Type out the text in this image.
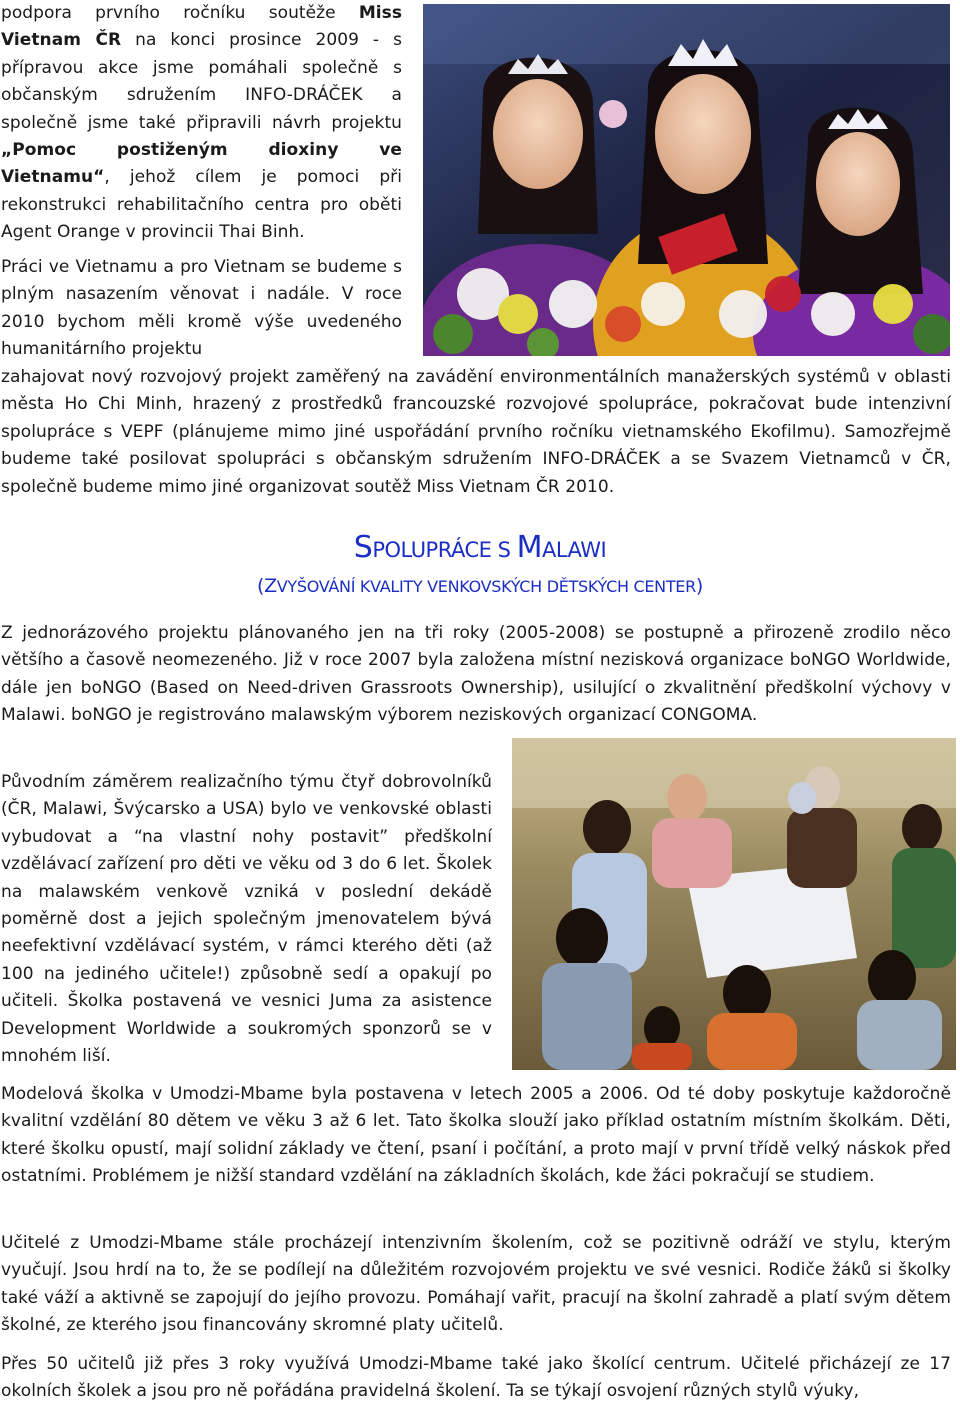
podpora prvního ročníku soutěže Miss Vietnam ČR na konci prosince 2009 - s přípravou akce jsme pomáhali společně s občanským sdružením INFO-DRÁČEK a společně jsme také připravili návrh projektu „Pomoc postiženým dioxiny ve Vietnamu“, jehož cílem je pomoci při rekonstrukci rehabilitačního centra pro oběti Agent Orange v provincii Thai Binh.

Práci ve Vietnamu a pro Vietnam se budeme s plným nasazením věnovat i nadále. V roce 2010 bychom měli kromě výše uvedeného humanitárního projektu

zahajovat nový rozvojový projekt zaměřený na zavádění environmentálních manažerských systémů v oblasti města Ho Chi Minh, hrazený z prostředků francouzské rozvojové spolupráce, pokračovat bude intenzivní spolupráce s VEPF (plánujeme mimo jiné uspořádání prvního ročníku vietnamského Ekofilmu). Samozřejmě budeme také posilovat spolupráci s občanským sdružením INFO-DRÁČEK a se Svazem Vietnamců v ČR, společně budeme mimo jiné organizovat soutěž Miss Vietnam ČR 2010.

SPOLUPRÁCE S MALAWI
(ZVYŠOVÁNÍ KVALITY VENKOVSKÝCH DĚTSKÝCH CENTER)

Z jednorázového projektu plánovaného jen na tři roky (2005-2008) se postupně a přirozeně zrodilo něco většího a časově neomezeného. Již v roce 2007 byla založena místní nezisková organizace boNGO Worldwide, dále jen boNGO (Based on Need-driven Grassroots Ownership), usilující o zkvalitnění předškolní výchovy v Malawi. boNGO je registrováno malawským výborem neziskových organizací CONGOMA.

Původním záměrem realizačního týmu čtyř dobrovolníků (ČR, Malawi, Švýcarsko a USA) bylo ve venkovské oblasti vybudovat a “na vlastní nohy postavit” předškolní vzdělávací zařízení pro děti ve věku od 3 do 6 let. Školek na malawském venkově vzniká v poslední dekádě poměrně dost a jejich společným jmenovatelem bývá neefektivní vzdělávací systém, v rámci kterého děti (až 100 na jediného učitele!) způsobně sedí a opakují po učiteli. Školka postavená ve vesnici Juma za asistence Development Worldwide a soukromých sponzorů se v mnohém liší.

Modelová školka v Umodzi-Mbame byla postavena v letech 2005 a 2006. Od té doby poskytuje každoročně kvalitní vzdělání 80 dětem ve věku 3 až 6 let. Tato školka slouží jako příklad ostatním místním školkám. Děti, které školku opustí, mají solidní základy ve čtení, psaní i počítání, a proto mají v první třídě velký náskok před ostatními. Problémem je nižší standard vzdělání na základních školách, kde žáci pokračují se studiem.

Učitelé z Umodzi-Mbame stále procházejí intenzivním školením, což se pozitivně odráží ve stylu, kterým vyučují. Jsou hrdí na to, že se podílejí na důležitém rozvojovém projektu ve své vesnici. Rodiče žáků si školky také váží a aktivně se zapojují do jejího provozu. Pomáhají vařit, pracují na školní zahradě a platí svým dětem školné, ze kterého jsou financovány skromné platy učitelů.

Přes 50 učitelů již přes 3 roky využívá Umodzi-Mbame také jako školící centrum. Učitelé přicházejí ze 17 okolních školek a jsou pro ně pořádána pravidelná školení. Ta se týkají osvojení různých stylů výuky,
